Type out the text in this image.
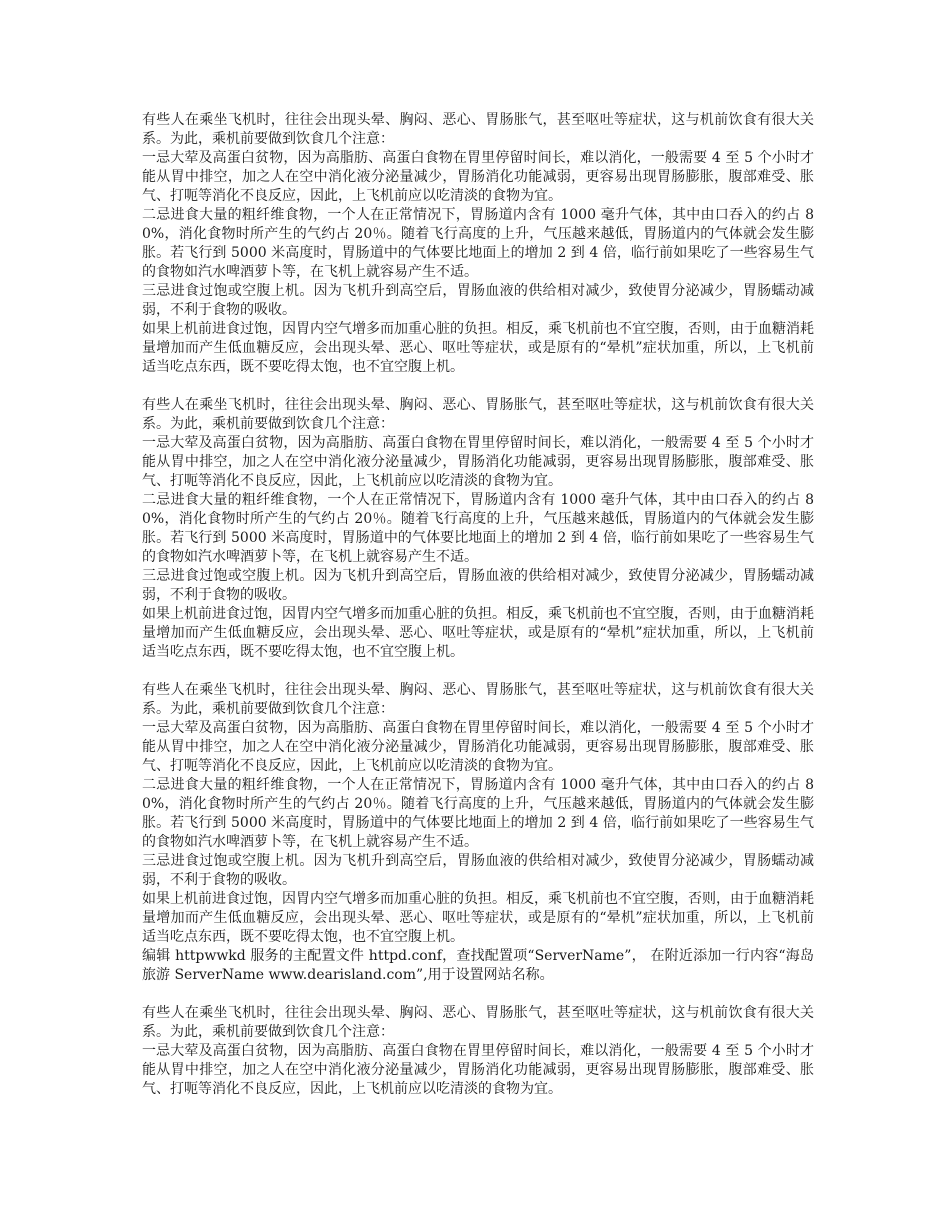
有些人在乘坐飞机时，往往会出现头晕、胸闷、恶心、胃肠胀气，甚至呕吐等症状，这与机前饮食有很大关系。为此，乘机前要做到饮食几个注意：

一忌大荤及高蛋白贫物，因为高脂肪、高蛋白食物在胃里停留时间长，难以消化，一般需要 4 至 5 个小时才能从胃中排空，加之人在空中消化液分泌量减少，胃肠消化功能减弱，更容易出现胃肠膨胀，腹部难受、胀气、打呃等消化不良反应，因此，上飞机前应以吃清淡的食物为宜。

二忌进食大量的粗纤维食物，一个人在正常情况下，胃肠道内含有 1000 毫升气体，其中由口吞入的约占 80%，消化食物时所产生的气约占 20％。随着飞行高度的上升，气压越来越低，胃肠道内的气体就会发生膨胀。若飞行到 5000 米高度时，胃肠道中的气体要比地面上的增加 2 到 4 倍，临行前如果吃了一些容易生气的食物如汽水啤酒萝卜等，在飞机上就容易产生不适。

三忌进食过饱或空腹上机。因为飞机升到高空后，胃肠血液的供给相对减少，致使胃分泌减少，胃肠蠕动减弱，不利于食物的吸收。

如果上机前进食过饱，因胃内空气增多而加重心脏的负担。相反，乘飞机前也不宜空腹，否则，由于血糖消耗量增加而产生低血糖反应，会出现头晕、恶心、呕吐等症状，或是原有的“晕机”症状加重，所以，上飞机前适当吃点东西，既不要吃得太饱，也不宜空腹上机。

有些人在乘坐飞机时，往往会出现头晕、胸闷、恶心、胃肠胀气，甚至呕吐等症状，这与机前饮食有很大关系。为此，乘机前要做到饮食几个注意：

一忌大荤及高蛋白贫物，因为高脂肪、高蛋白食物在胃里停留时间长，难以消化，一般需要 4 至 5 个小时才能从胃中排空，加之人在空中消化液分泌量减少，胃肠消化功能减弱，更容易出现胃肠膨胀，腹部难受、胀气、打呃等消化不良反应，因此，上飞机前应以吃清淡的食物为宜。

二忌进食大量的粗纤维食物，一个人在正常情况下，胃肠道内含有 1000 毫升气体，其中由口吞入的约占 80%，消化食物时所产生的气约占 20％。随着飞行高度的上升，气压越来越低，胃肠道内的气体就会发生膨胀。若飞行到 5000 米高度时，胃肠道中的气体要比地面上的增加 2 到 4 倍，临行前如果吃了一些容易生气的食物如汽水啤酒萝卜等，在飞机上就容易产生不适。

三忌进食过饱或空腹上机。因为飞机升到高空后，胃肠血液的供给相对减少，致使胃分泌减少，胃肠蠕动减弱，不利于食物的吸收。

如果上机前进食过饱，因胃内空气增多而加重心脏的负担。相反，乘飞机前也不宜空腹，否则，由于血糖消耗量增加而产生低血糖反应，会出现头晕、恶心、呕吐等症状，或是原有的“晕机”症状加重，所以，上飞机前适当吃点东西，既不要吃得太饱，也不宜空腹上机。

有些人在乘坐飞机时，往往会出现头晕、胸闷、恶心、胃肠胀气，甚至呕吐等症状，这与机前饮食有很大关系。为此，乘机前要做到饮食几个注意：

一忌大荤及高蛋白贫物，因为高脂肪、高蛋白食物在胃里停留时间长，难以消化，一般需要 4 至 5 个小时才能从胃中排空，加之人在空中消化液分泌量减少，胃肠消化功能减弱，更容易出现胃肠膨胀，腹部难受、胀气、打呃等消化不良反应，因此，上飞机前应以吃清淡的食物为宜。

二忌进食大量的粗纤维食物，一个人在正常情况下，胃肠道内含有 1000 毫升气体，其中由口吞入的约占 80%，消化食物时所产生的气约占 20％。随着飞行高度的上升，气压越来越低，胃肠道内的气体就会发生膨胀。若飞行到 5000 米高度时，胃肠道中的气体要比地面上的增加 2 到 4 倍，临行前如果吃了一些容易生气的食物如汽水啤酒萝卜等，在飞机上就容易产生不适。

三忌进食过饱或空腹上机。因为飞机升到高空后，胃肠血液的供给相对减少，致使胃分泌减少，胃肠蠕动减弱，不利于食物的吸收。

如果上机前进食过饱，因胃内空气增多而加重心脏的负担。相反，乘飞机前也不宜空腹，否则，由于血糖消耗量增加而产生低血糖反应，会出现头晕、恶心、呕吐等症状，或是原有的“晕机”症状加重，所以，上飞机前适当吃点东西，既不要吃得太饱，也不宜空腹上机。

编辑 httpwwkd 服务的主配置文件 httpd.conf，查找配置项“ServerName”， 在附近添加一行内容“海岛旅游 ServerName www.dearisland.com”,用于设置网站名称。

有些人在乘坐飞机时，往往会出现头晕、胸闷、恶心、胃肠胀气，甚至呕吐等症状，这与机前饮食有很大关系。为此，乘机前要做到饮食几个注意：

一忌大荤及高蛋白贫物，因为高脂肪、高蛋白食物在胃里停留时间长，难以消化，一般需要 4 至 5 个小时才能从胃中排空，加之人在空中消化液分泌量减少，胃肠消化功能减弱，更容易出现胃肠膨胀，腹部难受、胀气、打呃等消化不良反应，因此，上飞机前应以吃清淡的食物为宜。
